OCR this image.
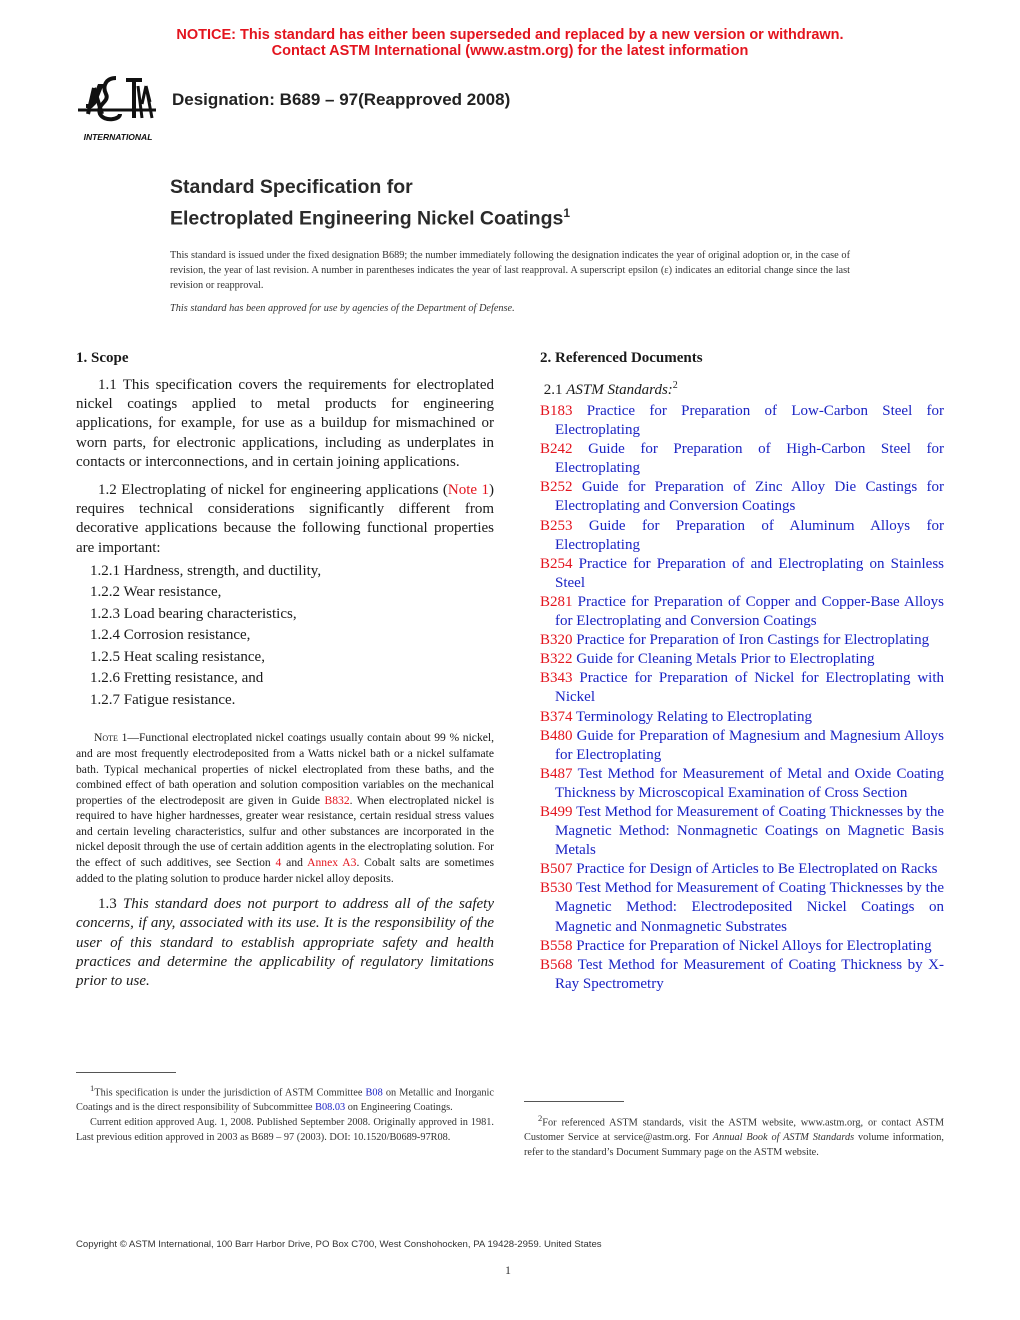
NOTICE: This standard has either been superseded and replaced by a new version or withdrawn.
Contact ASTM International (www.astm.org) for the latest information
INTERNATIONAL
Designation: B689 – 97(Reapproved 2008)
Standard Specification for
Electroplated Engineering Nickel Coatings$^1$
This standard is issued under the fixed designation B689; the number immediately following the designation indicates the year of original adoption or, in the case of revision, the year of last revision. A number in parentheses indicates the year of last reapproval. A superscript epsilon (ε) indicates an editorial change since the last revision or reapproval.
This standard has been approved for use by agencies of the Department of Defense.
1. Scope
1.1 This specification covers the requirements for electroplated nickel coatings applied to metal products for engineering applications, for example, for use as a buildup for mismachined or worn parts, for electronic applications, including as underplates in contacts or interconnections, and in certain joining applications.
1.2 Electroplating of nickel for engineering applications (Note 1) requires technical considerations significantly different from decorative applications because the following functional properties are important:
1.2.1 Hardness, strength, and ductility,
1.2.2 Wear resistance,
1.2.3 Load bearing characteristics,
1.2.4 Corrosion resistance,
1.2.5 Heat scaling resistance,
1.2.6 Fretting resistance, and
1.2.7 Fatigue resistance.
Note 1—Functional electroplated nickel coatings usually contain about 99 % nickel, and are most frequently electrodeposited from a Watts nickel bath or a nickel sulfamate bath. Typical mechanical properties of nickel electroplated from these baths, and the combined effect of bath operation and solution composition variables on the mechanical properties of the electrodeposit are given in Guide B832. When electroplated nickel is required to have higher hardnesses, greater wear resistance, certain residual stress values and certain leveling characteristics, sulfur and other substances are incorporated in the nickel deposit through the use of certain addition agents in the electroplating solution. For the effect of such additives, see Section 4 and Annex A3. Cobalt salts are sometimes added to the plating solution to produce harder nickel alloy deposits.
1.3 This standard does not purport to address all of the safety concerns, if any, associated with its use. It is the responsibility of the user of this standard to establish appropriate safety and health practices and determine the applicability of regulatory limitations prior to use.
2. Referenced Documents
2.1 ASTM Standards:$^2$
B183 Practice for Preparation of Low-Carbon Steel for Electroplating
B242 Guide for Preparation of High-Carbon Steel for Electroplating
B252 Guide for Preparation of Zinc Alloy Die Castings for Electroplating and Conversion Coatings
B253 Guide for Preparation of Aluminum Alloys for Electroplating
B254 Practice for Preparation of and Electroplating on Stainless Steel
B281 Practice for Preparation of Copper and Copper-Base Alloys for Electroplating and Conversion Coatings
B320 Practice for Preparation of Iron Castings for Electroplating
B322 Guide for Cleaning Metals Prior to Electroplating
B343 Practice for Preparation of Nickel for Electroplating with Nickel
B374 Terminology Relating to Electroplating
B480 Guide for Preparation of Magnesium and Magnesium Alloys for Electroplating
B487 Test Method for Measurement of Metal and Oxide Coating Thickness by Microscopical Examination of Cross Section
B499 Test Method for Measurement of Coating Thicknesses by the Magnetic Method: Nonmagnetic Coatings on Magnetic Basis Metals
B507 Practice for Design of Articles to Be Electroplated on Racks
B530 Test Method for Measurement of Coating Thicknesses by the Magnetic Method: Electrodeposited Nickel Coatings on Magnetic and Nonmagnetic Substrates
B558 Practice for Preparation of Nickel Alloys for Electroplating
B568 Test Method for Measurement of Coating Thickness by X-Ray Spectrometry

$^1$This specification is under the jurisdiction of ASTM Committee B08 on Metallic and Inorganic Coatings and is the direct responsibility of Subcommittee B08.03 on Engineering Coatings.

Current edition approved Aug. 1, 2008. Published September 2008. Originally approved in 1981. Last previous edition approved in 2003 as B689 – 97 (2003). DOI: 10.1520/B0689-97R08.

$^2$For referenced ASTM standards, visit the ASTM website, www.astm.org, or contact ASTM Customer Service at service@astm.org. For Annual Book of ASTM Standards volume information, refer to the standard’s Document Summary page on the ASTM website.

Copyright © ASTM International, 100 Barr Harbor Drive, PO Box C700, West Conshohocken, PA 19428-2959. United States
1
